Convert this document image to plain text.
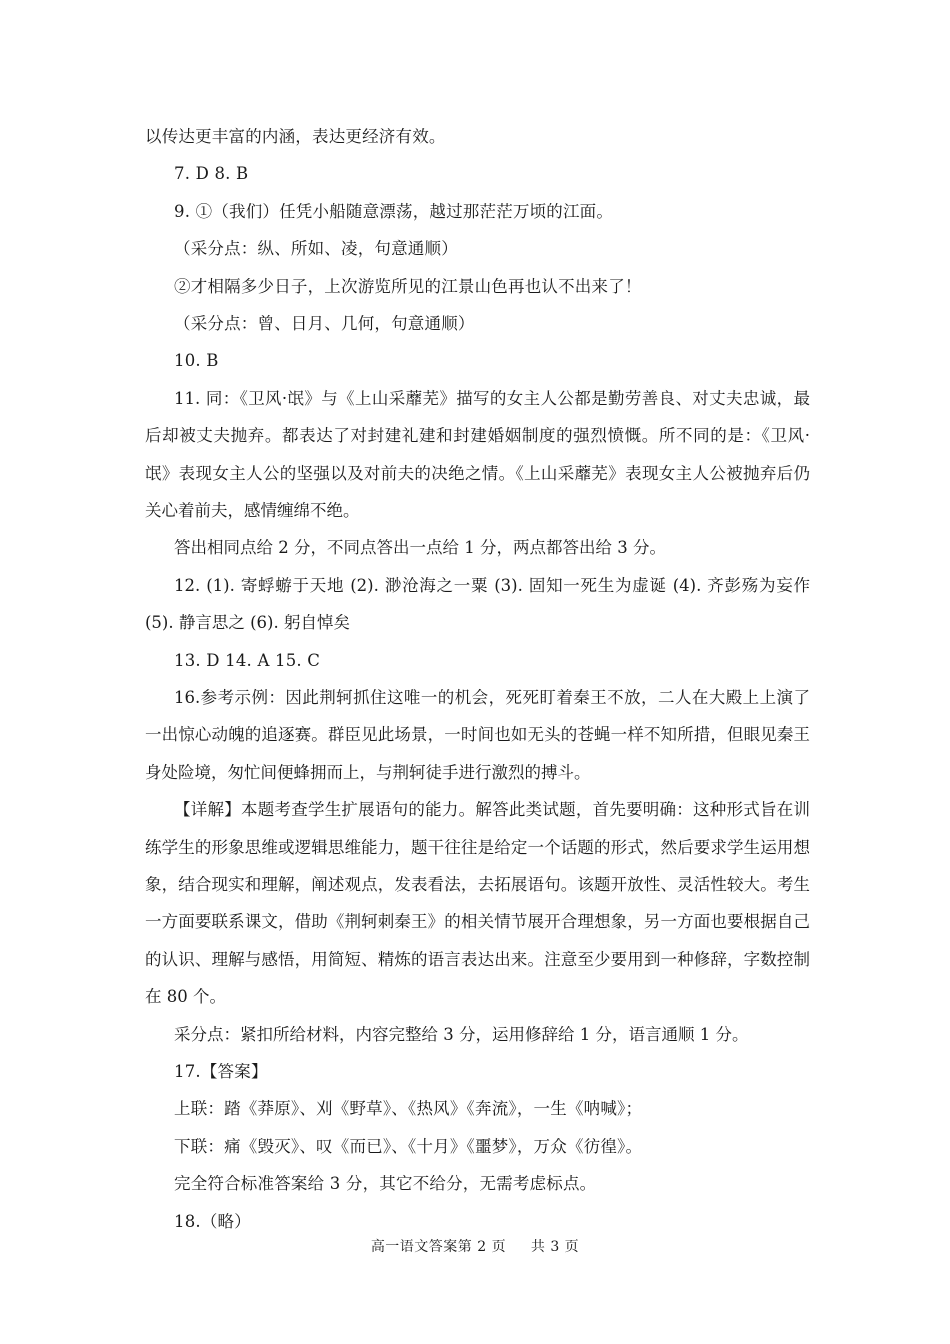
以传达更丰富的内涵，表达更经济有效。
7. D 8. B
9. ①（我们）任凭小船随意漂荡，越过那茫茫万顷的江面。
（采分点：纵、所如、凌，句意通顺）
②才相隔多少日子，上次游览所见的江景山色再也认不出来了！
（采分点：曾、日月、几何，句意通顺）
10. B
11. 同：《卫风·氓》与《上山采蘼芜》描写的女主人公都是勤劳善良、对丈夫忠诚，最后却被丈夫抛弃。都表达了对封建礼建和封建婚姻制度的强烈愤慨。所不同的是：《卫风·氓》表现女主人公的坚强以及对前夫的决绝之情。《上山采蘼芜》表现女主人公被抛弃后仍关心着前夫，感情缠绵不绝。
答出相同点给 2 分，不同点答出一点给 1 分，两点都答出给 3 分。
12. (1). 寄蜉蝣于天地 (2). 渺沧海之一粟 (3). 固知一死生为虚诞 (4). 齐彭殇为妄作 (5). 静言思之 (6). 躬自悼矣
13. D 14. A 15. C
16.参考示例：因此荆轲抓住这唯一的机会，死死盯着秦王不放，二人在大殿上上演了一出惊心动魄的追逐赛。群臣见此场景，一时间也如无头的苍蝇一样不知所措，但眼见秦王身处险境，匆忙间便蜂拥而上，与荆轲徒手进行激烈的搏斗。
【详解】本题考查学生扩展语句的能力。解答此类试题，首先要明确：这种形式旨在训练学生的形象思维或逻辑思维能力，题干往往是给定一个话题的形式，然后要求学生运用想象，结合现实和理解，阐述观点，发表看法，去拓展语句。该题开放性、灵活性较大。考生一方面要联系课文，借助《荆轲刺秦王》的相关情节展开合理想象，另一方面也要根据自己的认识、理解与感悟，用简短、精炼的语言表达出来。注意至少要用到一种修辞，字数控制在 80 个。
采分点：紧扣所给材料，内容完整给 3 分，运用修辞给 1 分，语言通顺 1 分。
17.【答案】
上联：踏《莽原》、刈《野草》、《热风》《奔流》，一生《呐喊》；
下联：痛《毁灭》、叹《而已》、《十月》《噩梦》，万众《彷徨》。
完全符合标准答案给 3 分，其它不给分，无需考虑标点。
18.（略）
高一语文答案第 2 页     共 3 页
